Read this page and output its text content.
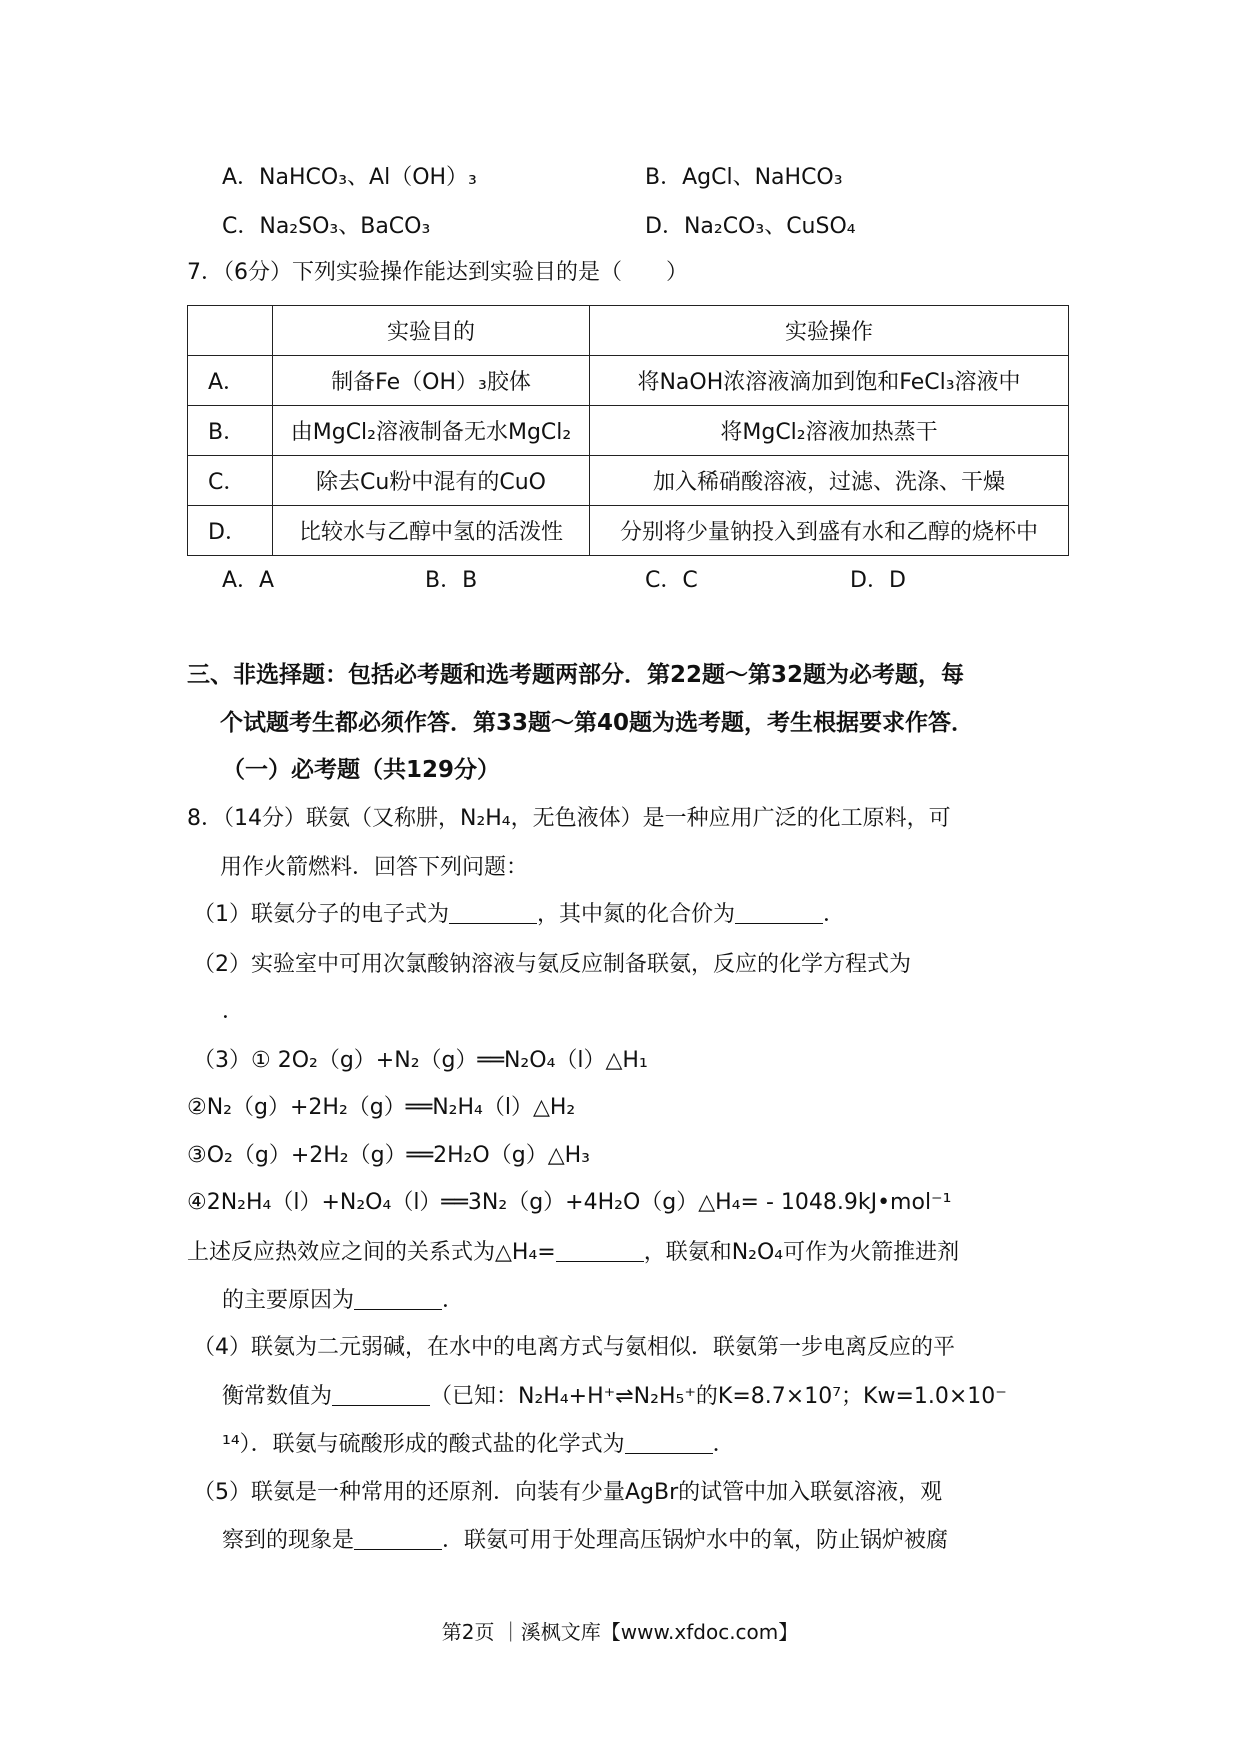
A．NaHCO₃、Al（OH）₃	B．AgCl、NaHCO₃
C．Na₂SO₃、BaCO₃	D．Na₂CO₃、CuSO₄
7．（6分）下列实验操作能达到实验目的是（　　）
	实验目的	实验操作
A．	制备Fe（OH）₃胶体	将NaOH浓溶液滴加到饱和FeCl₃溶液中
B．	由MgCl₂溶液制备无水MgCl₂	将MgCl₂溶液加热蒸干
C．	除去Cu粉中混有的CuO	加入稀硝酸溶液，过滤、洗涤、干燥
D．	比较水与乙醇中氢的活泼性	分别将少量钠投入到盛有水和乙醇的烧杯中
A．A	B．B	C．C	D．D
三、非选择题：包括必考题和选考题两部分．第22题～第32题为必考题，每
个试题考生都必须作答．第33题～第40题为选考题，考生根据要求作答．
（一）必考题（共129分）
8．（14分）联氨（又称肼，N₂H₄，无色液体）是一种应用广泛的化工原料，可
用作火箭燃料．回答下列问题：
（1）联氨分子的电子式为	，其中氮的化合价为	．
（2）实验室中可用次氯酸钠溶液与氨反应制备联氨，反应的化学方程式为
．
（3）① 2O₂（g）+N₂（g）══N₂O₄（l）△H₁
②N₂（g）+2H₂（g）══N₂H₄（l）△H₂
③O₂（g）+2H₂（g）══2H₂O（g）△H₃
④2N₂H₄（l）+N₂O₄（l）══3N₂（g）+4H₂O（g）△H₄= - 1048.9kJ•mol⁻¹
上述反应热效应之间的关系式为△H₄=	，联氨和N₂O₄可作为火箭推进剂
的主要原因为	．
（4）联氨为二元弱碱，在水中的电离方式与氨相似．联氨第一步电离反应的平
衡常数值为	（已知：N₂H₄+H⁺⇌N₂H₅⁺的K=8.7×10⁷；Kw=1.0×10⁻
¹⁴）．联氨与硫酸形成的酸式盐的化学式为	．
（5）联氨是一种常用的还原剂．向装有少量AgBr的试管中加入联氨溶液，观
察到的现象是	．联氨可用于处理高压锅炉水中的氧，防止锅炉被腐
第2页 ｜溪枫文库【www.xfdoc.com】
